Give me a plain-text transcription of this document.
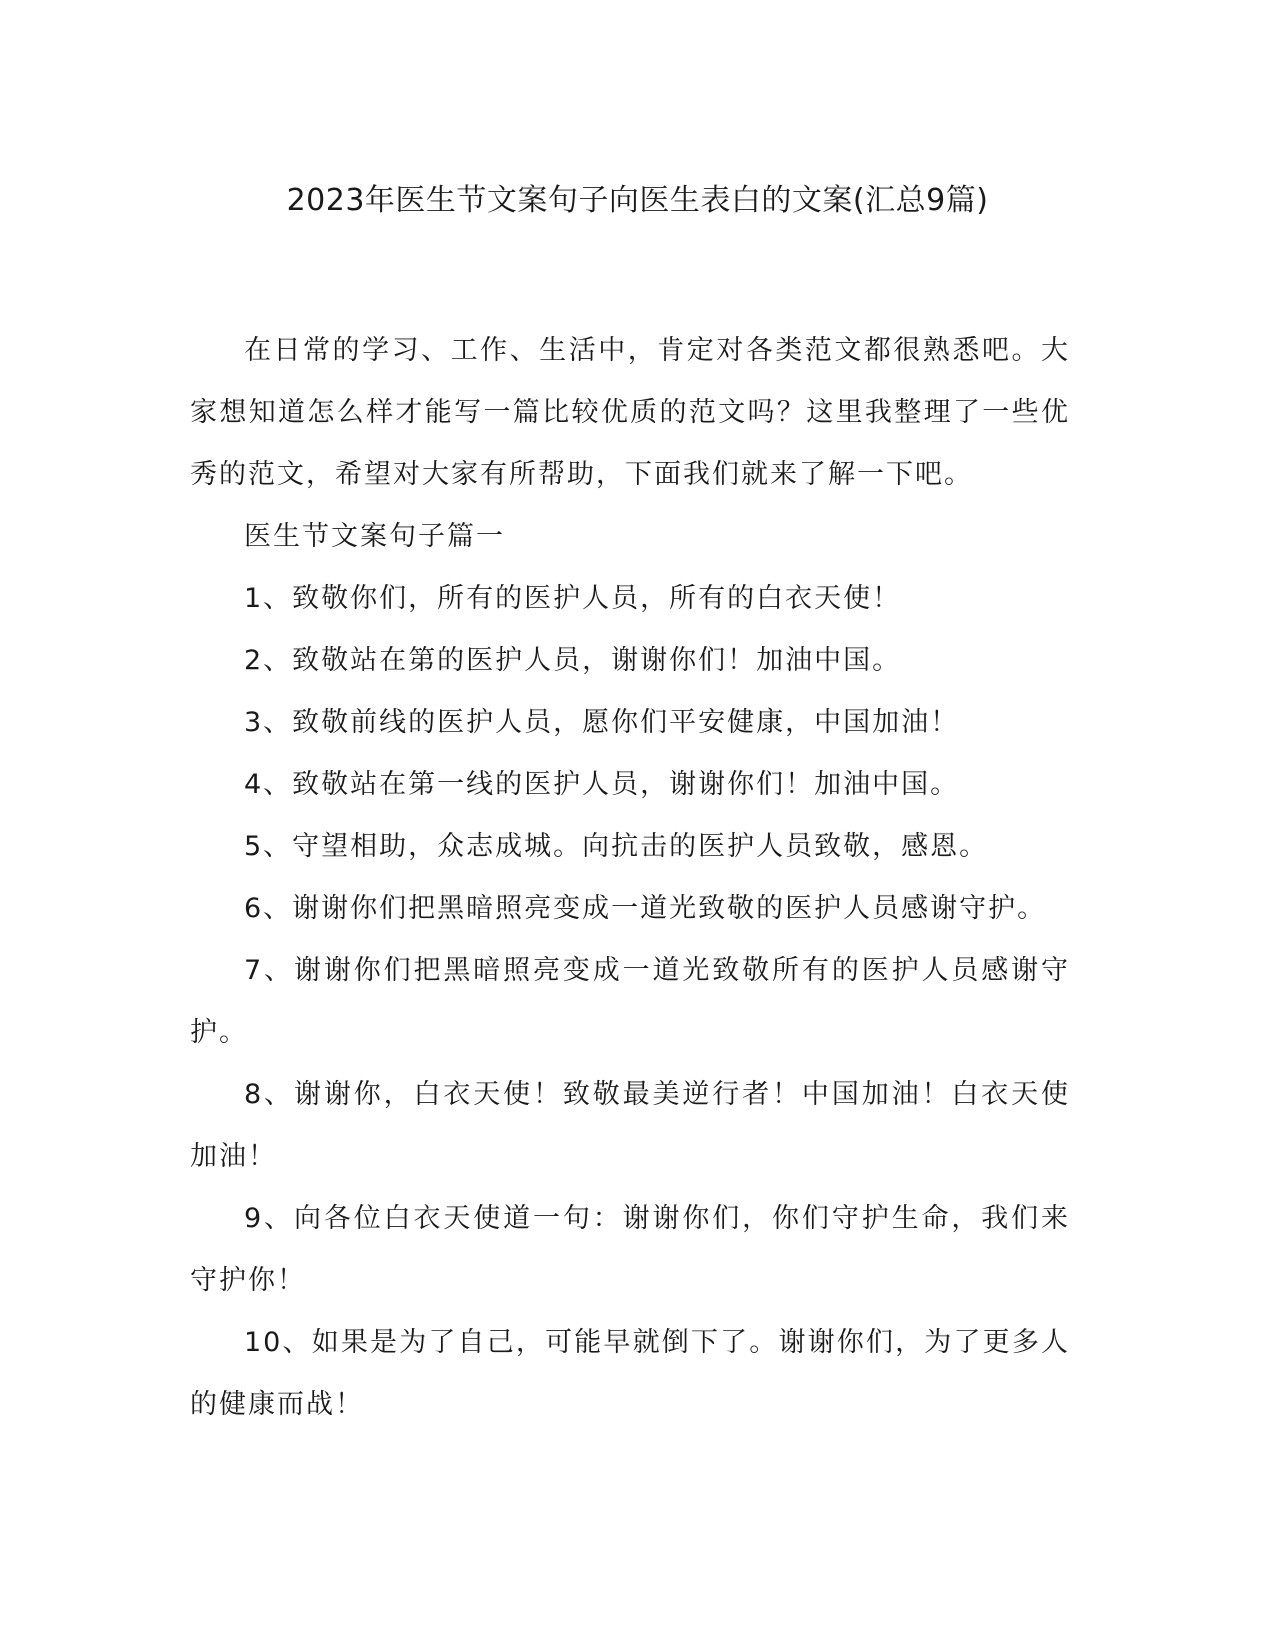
2023年医生节文案句子向医生表白的文案(汇总9篇)

在日常的学习、工作、生活中，肯定对各类范文都很熟悉吧。大家想知道怎么样才能写一篇比较优质的范文吗？这里我整理了一些优秀的范文，希望对大家有所帮助，下面我们就来了解一下吧。

医生节文案句子篇一

1、致敬你们，所有的医护人员，所有的白衣天使！

2、致敬站在第的医护人员，谢谢你们！加油中国。

3、致敬前线的医护人员，愿你们平安健康，中国加油！

4、致敬站在第一线的医护人员，谢谢你们！加油中国。

5、守望相助，众志成城。向抗击的医护人员致敬，感恩。

6、谢谢你们把黑暗照亮变成一道光致敬的医护人员感谢守护。

7、谢谢你们把黑暗照亮变成一道光致敬所有的医护人员感谢守护。

8、谢谢你，白衣天使！致敬最美逆行者！中国加油！白衣天使加油！

9、向各位白衣天使道一句：谢谢你们，你们守护生命，我们来守护你！

10、如果是为了自己，可能早就倒下了。谢谢你们，为了更多人的健康而战！
